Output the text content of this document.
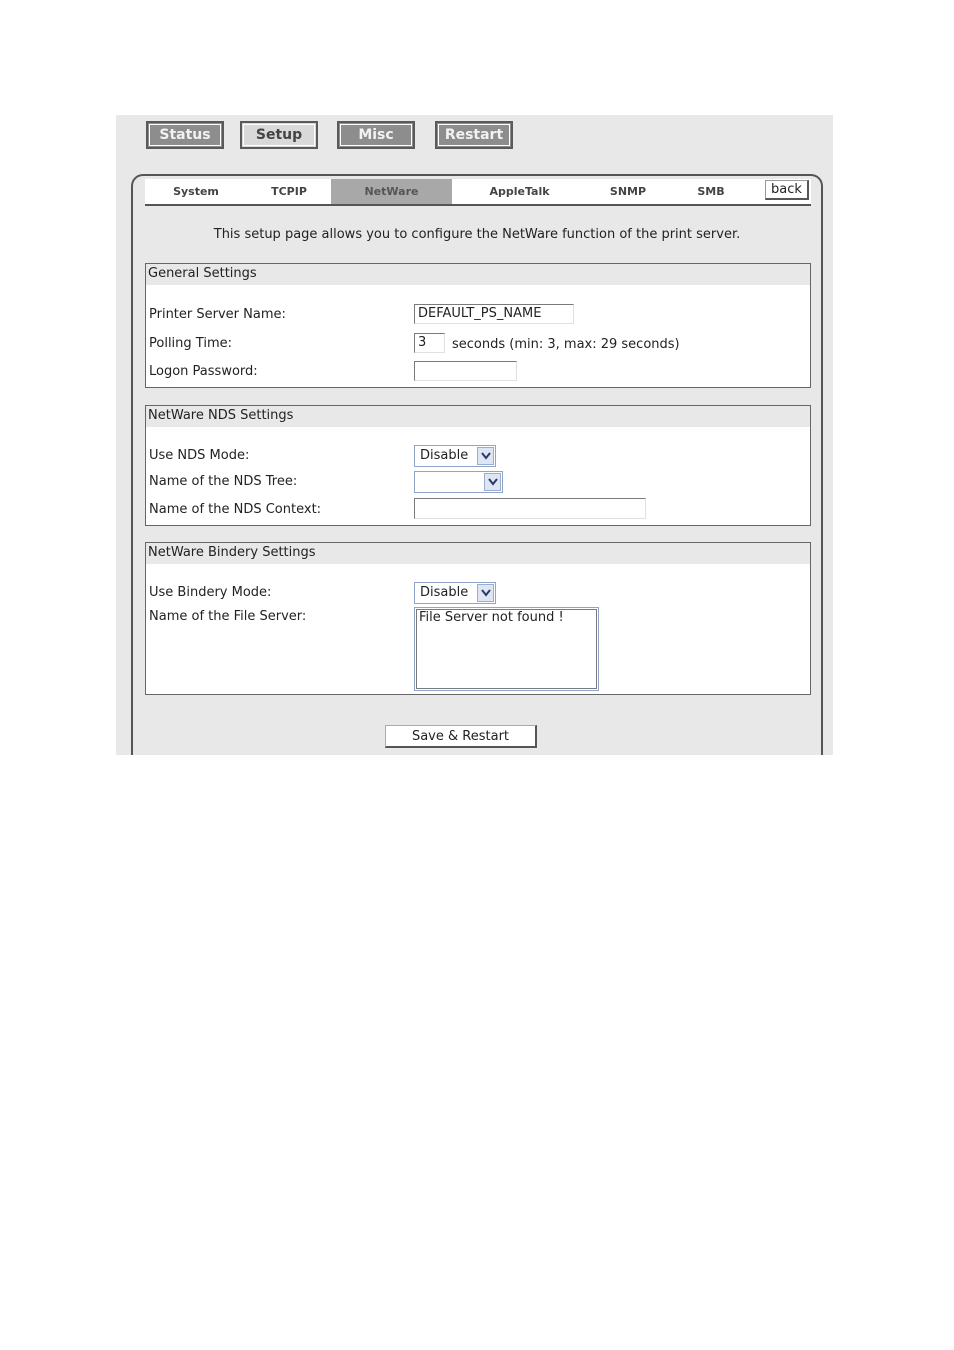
Status	Setup	Misc	Restart
System	TCPIP	NetWare	AppleTalk	SNMP	SMB	back
This setup page allows you to configure the NetWare function of the print server.
General Settings
Printer Server Name:	DEFAULT_PS_NAME
Polling Time:	3	seconds (min: 3, max: 29 seconds)
Logon Password:
NetWare NDS Settings
Use NDS Mode:	Disable
Name of the NDS Tree:
Name of the NDS Context:
NetWare Bindery Settings
Use Bindery Mode:	Disable
Name of the File Server:	File Server not found !
Save & Restart
